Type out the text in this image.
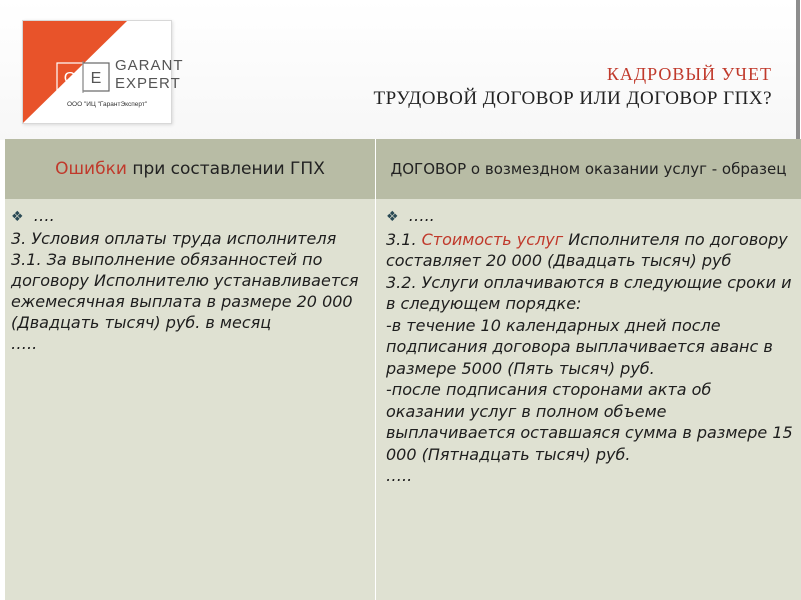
G E
GARANT
EXPERT
ООО "ИЦ "ГарантЭксперт"
КАДРОВЫЙ УЧЕТ
ТРУДОВОЙ ДОГОВОР ИЛИ ДОГОВОР ГПХ?
Ошибки при составлении ГПХ	ДОГОВОР о возмездном оказании услуг - образец

❖ ….

3. Условия оплаты труда исполнителя

3.1. За выполнение обязанностей по договору Исполнителю устанавливается ежемесячная выплата в размере 20 000 (Двадцать тысяч) руб. в месяц

…..

❖ …..

3.1. Стоимость услуг Исполнителя по договору составляет 20 000 (Двадцать тысяч) руб

3.2. Услуги оплачиваются в следующие сроки и в следующем порядке:

-в течение 10 календарных дней после подписания договора выплачивается аванс в размере 5000 (Пять тысяч) руб.

-после подписания сторонами акта об оказании услуг в полном объеме выплачивается оставшаяся сумма в размере 15 000 (Пятнадцать тысяч) руб.

…..
